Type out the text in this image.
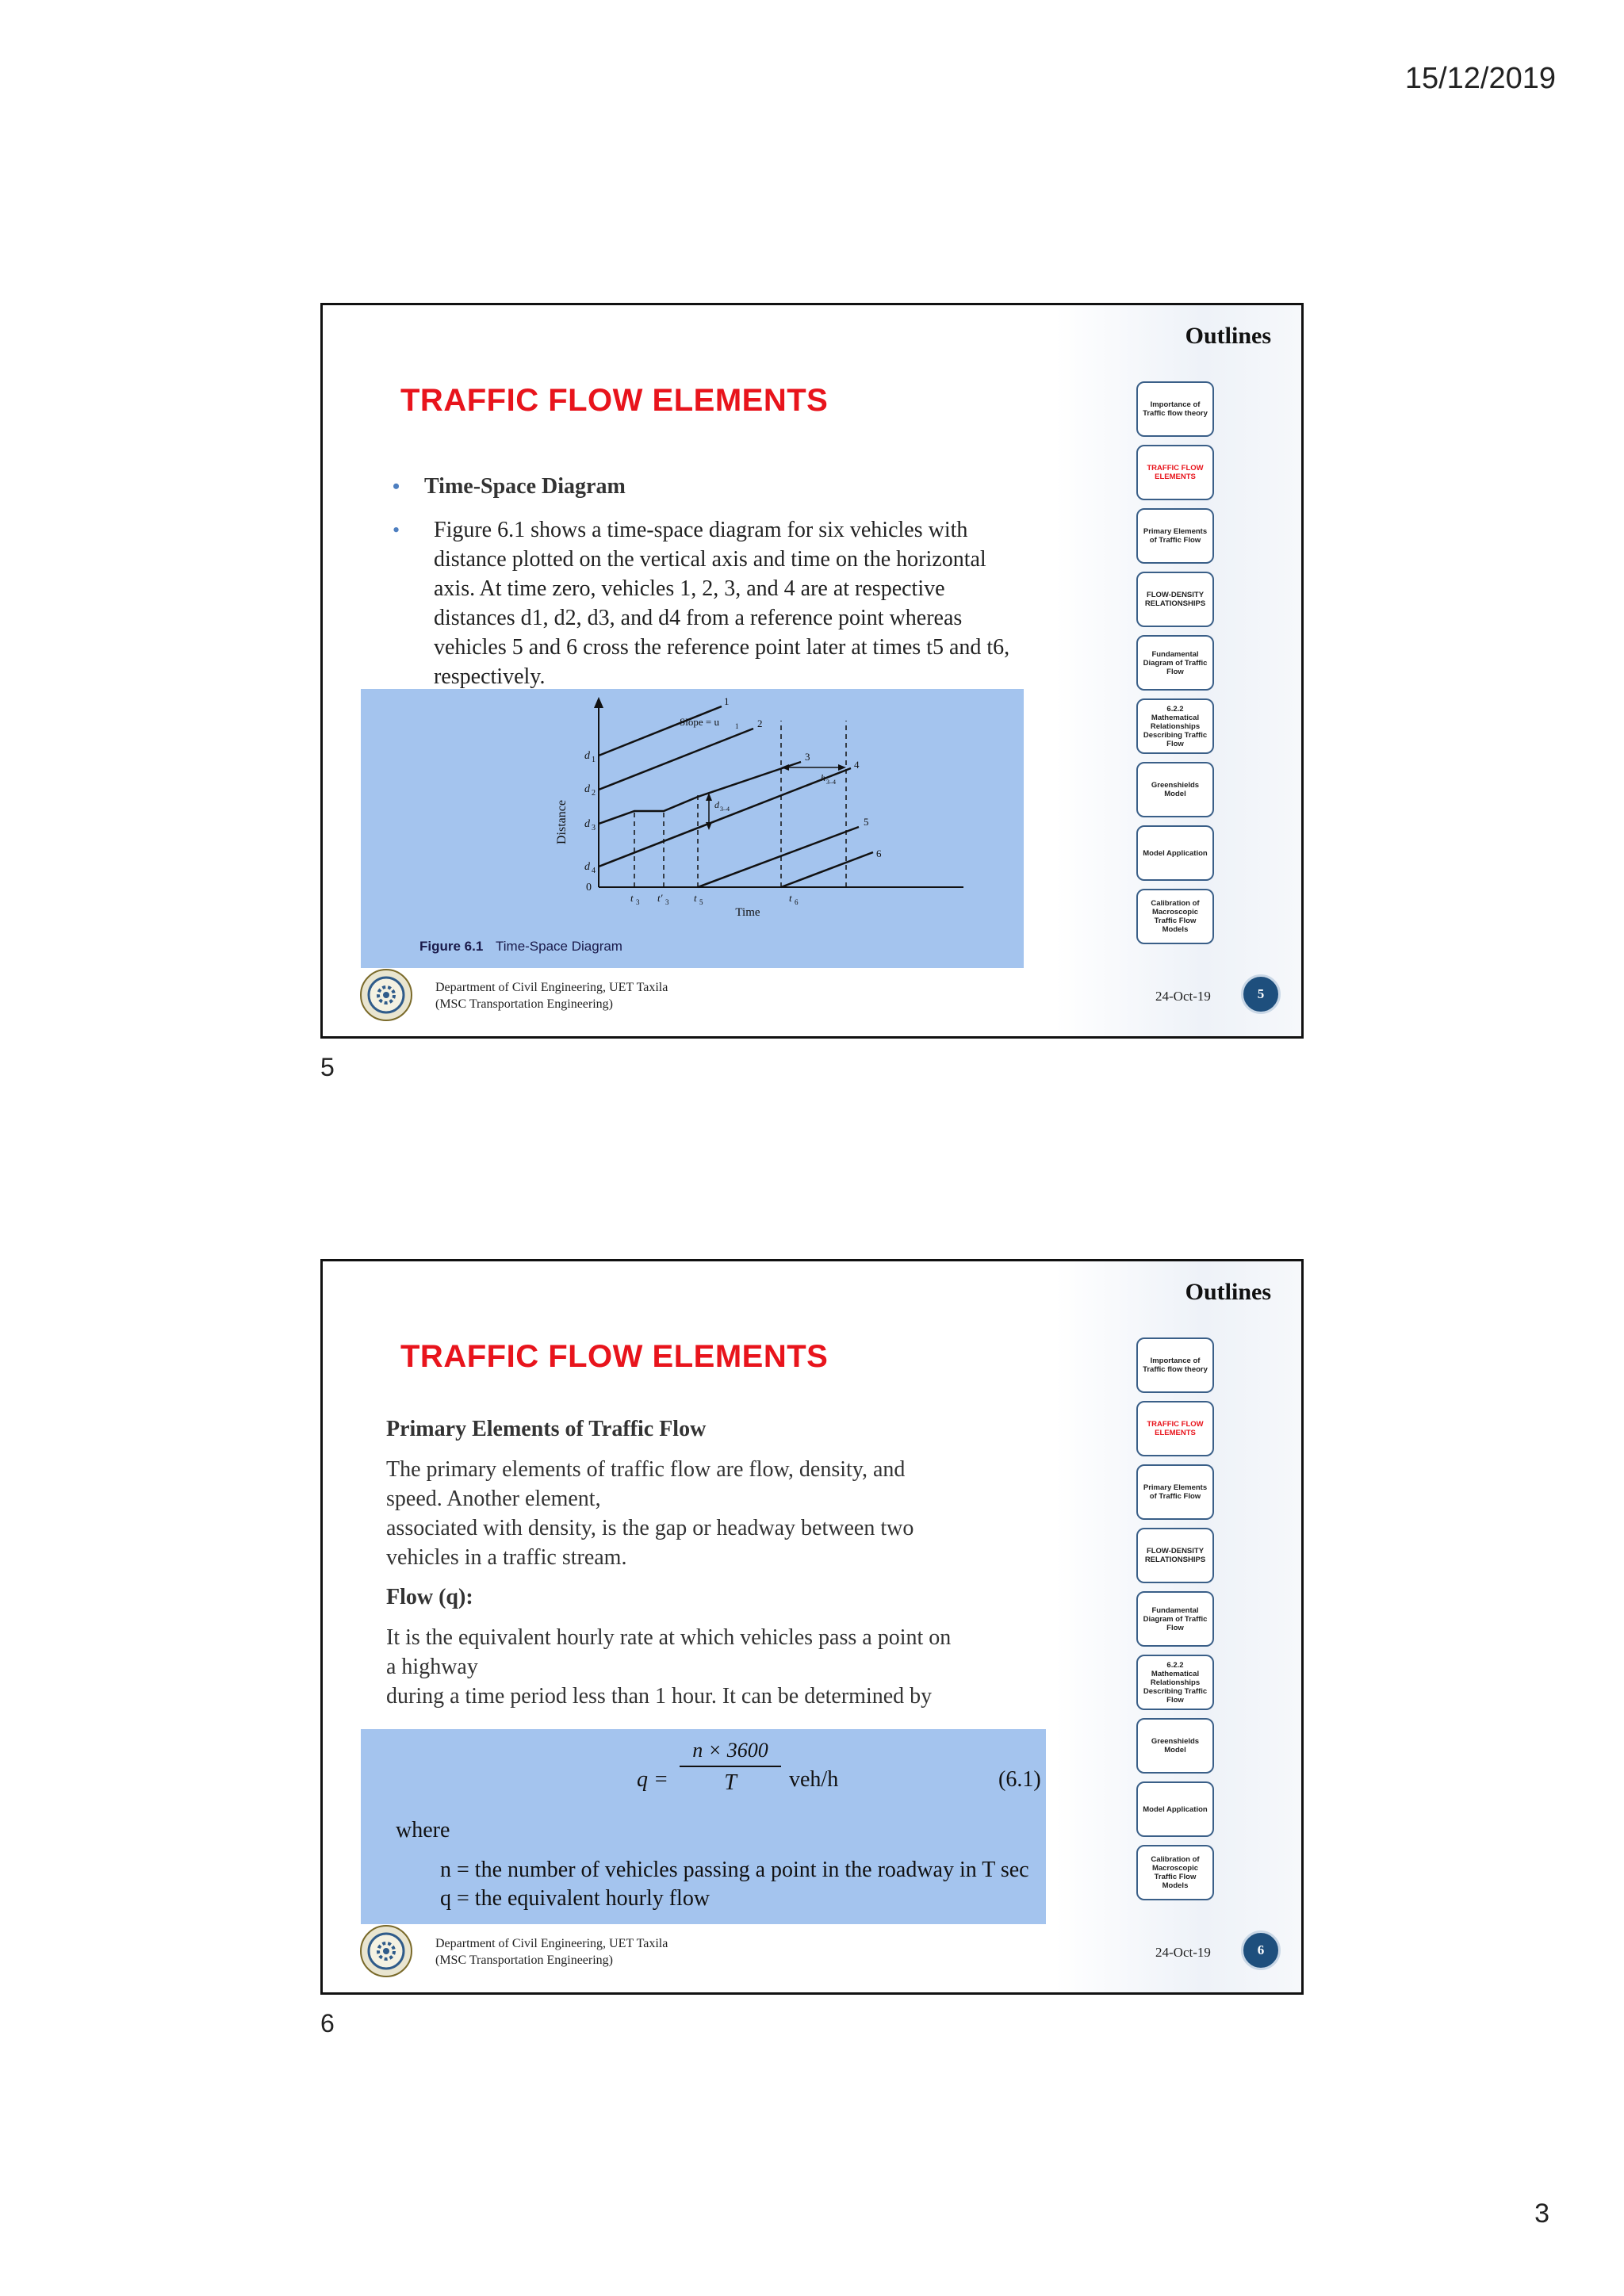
15/12/2019
Outlines
TRAFFIC FLOW ELEMENTS	Importance of Traffic flow theory
TRAFFIC FLOW ELEMENTS
Primary Elements of Traffic Flow
FLOW-DENSITY RELATIONSHIPS
Fundamental Diagram of Traffic Flow
6.2.2 Mathematical Relationships Describing Traffic Flow
Greenshields Model
Model Application
Calibration of Macroscopic Traffic Flow Models
• Time-Space Diagram
•	Figure 6.1 shows a time-space diagram for six vehicles with distance plotted on the vertical axis and time on the horizontal axis. At time zero, vehicles 1, 2, 3, and 4 are at respective distances d1, d2, d3, and d4 from a reference point whereas vehicles 5 and 6 cross the reference point later at times t5 and t6, respectively.
Distance
Time
d 1
d 2
d 3
d 4
0
t 3 t′ 3 t 5	t 6
1
2
3
4
5
6
Slope = u 1
h 3–4
d 3–4
Figure 6.1 Time-Space Diagram
Department of Civil Engineering, UET Taxila
(MSC Transportation Engineering)
24-Oct-19	5
5
Outlines
TRAFFIC FLOW ELEMENTS	Importance of Traffic flow theory
TRAFFIC FLOW ELEMENTS
Primary Elements of Traffic Flow
FLOW-DENSITY RELATIONSHIPS
Fundamental Diagram of Traffic Flow
6.2.2 Mathematical Relationships Describing Traffic Flow
Greenshields Model
Model Application
Calibration of Macroscopic Traffic Flow Models
Primary Elements of Traffic Flow

The primary elements of traffic flow are flow, density, and
speed. Another element,
associated with density, is the gap or headway between two
vehicles in a traffic stream.

Flow (q):

It is the equivalent hourly rate at which vehicles pass a point on
a highway
during a time period less than 1 hour. It can be determined by

q =
n × 3600
T	veh/h	(6.1)
where
n = the number of vehicles passing a point in the roadway in T sec
q = the equivalent hourly flow
Department of Civil Engineering, UET Taxila
(MSC Transportation Engineering)
24-Oct-19	6
6
3
